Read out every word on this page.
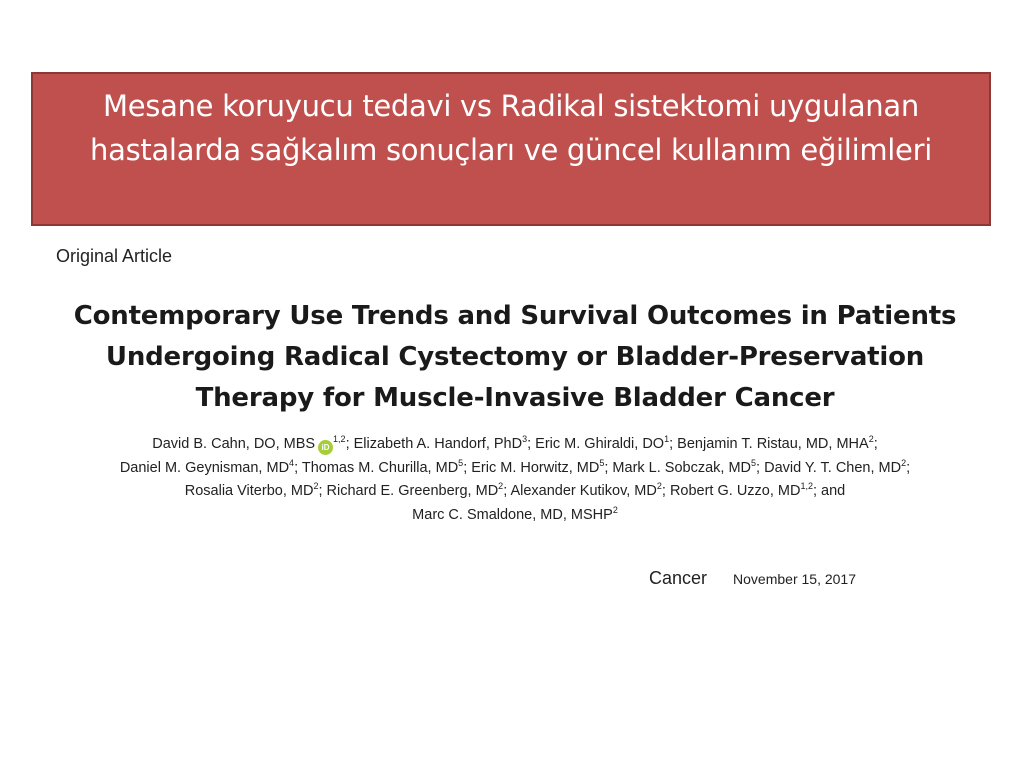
Mesane koruyucu tedavi vs Radikal sistektomi uygulanan
hastalarda sağkalım sonuçları ve güncel kullanım eğilimleri
Original Article
Contemporary Use Trends and Survival Outcomes in Patients
Undergoing Radical Cystectomy or Bladder-Preservation
Therapy for Muscle-Invasive Bladder Cancer
David B. Cahn, DO, MBS iD$^{1,2}$; Elizabeth A. Handorf, PhD$^3$; Eric M. Ghiraldi, $DO^1$; Benjamin T. Ristau, MD, MHA$^2$;
Daniel M. Geynisman, $MD^4$; Thomas M. Churilla, $MD^5$; Eric M. Horwitz, $MD^5$; Mark L. Sobczak, $MD^5$; David Y. T. Chen, $MD^2$;
Rosalia Viterbo, $MD^2$; Richard E. Greenberg, $MD^2$; Alexander Kutikov, $MD^2$; Robert G. Uzzo, MD$^{1,2}$; and
Marc C. Smaldone, MD, MSHP$^2$
Cancer November 15, 2017
